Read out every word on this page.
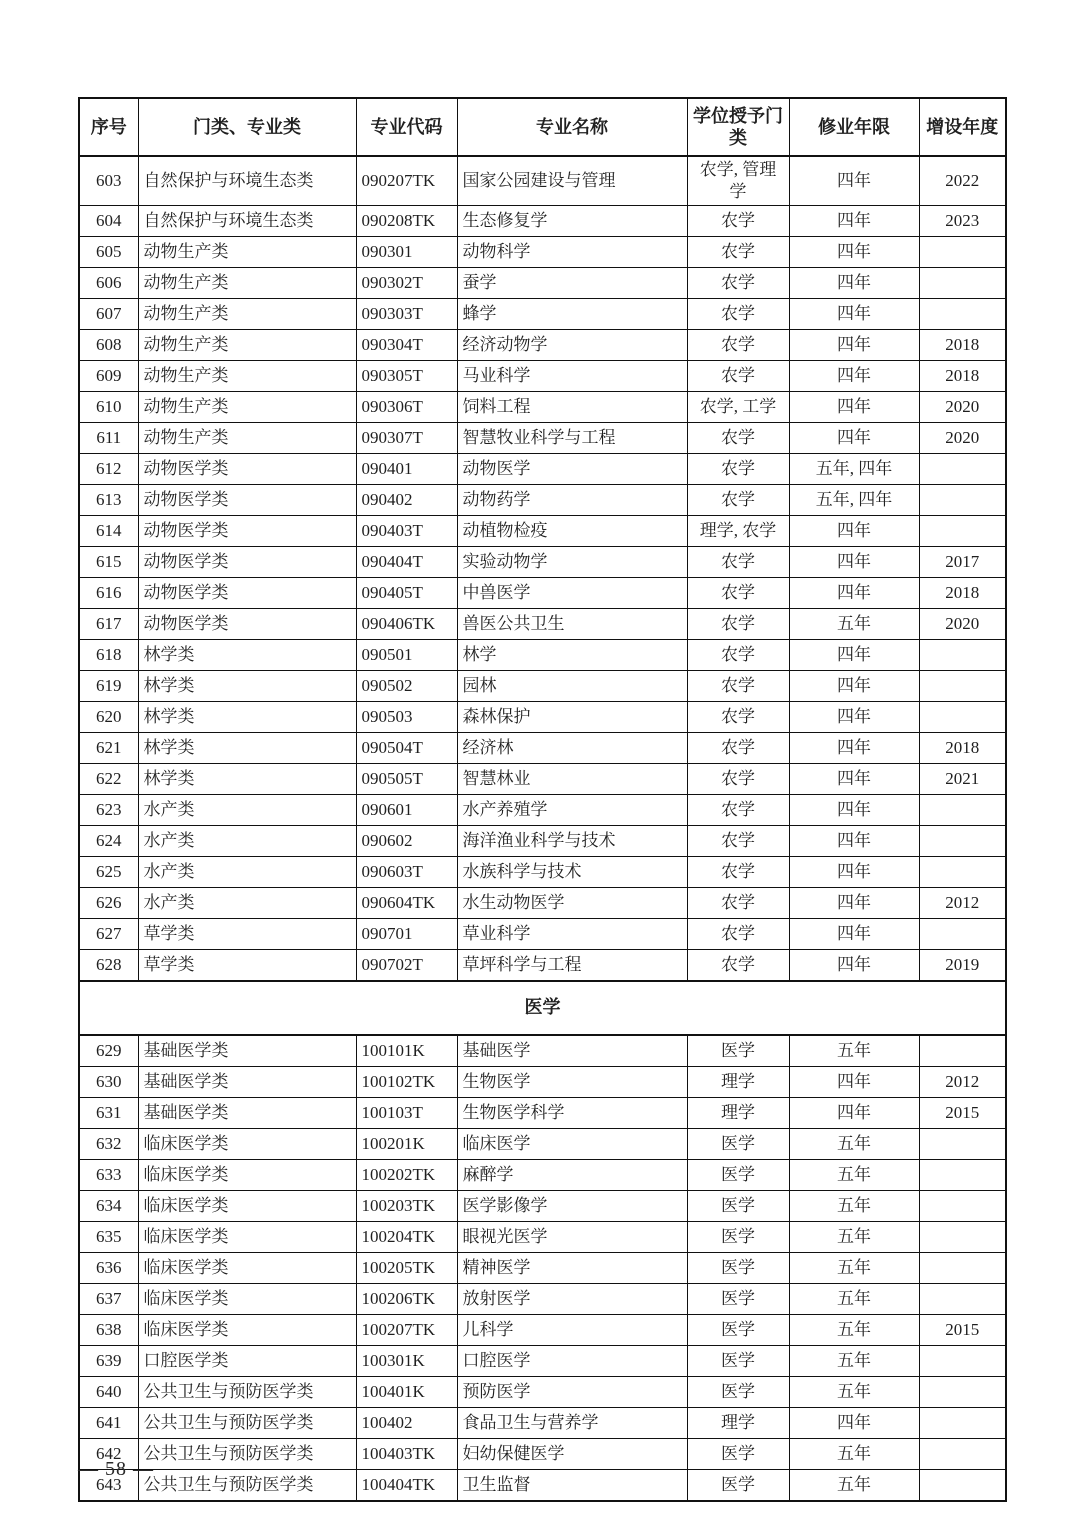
序号	门类、专业类	专业代码	专业名称	学位授予门类	修业年限	增设年度
603	自然保护与环境生态类	090207TK	国家公园建设与管理	农学, 管理学	四年	2022
604	自然保护与环境生态类	090208TK	生态修复学	农学	四年	2023
605	动物生产类	090301	动物科学	农学	四年	
606	动物生产类	090302T	蚕学	农学	四年	
607	动物生产类	090303T	蜂学	农学	四年	
608	动物生产类	090304T	经济动物学	农学	四年	2018
609	动物生产类	090305T	马业科学	农学	四年	2018
610	动物生产类	090306T	饲料工程	农学, 工学	四年	2020
611	动物生产类	090307T	智慧牧业科学与工程	农学	四年	2020
612	动物医学类	090401	动物医学	农学	五年, 四年	
613	动物医学类	090402	动物药学	农学	五年, 四年	
614	动物医学类	090403T	动植物检疫	理学, 农学	四年	
615	动物医学类	090404T	实验动物学	农学	四年	2017
616	动物医学类	090405T	中兽医学	农学	四年	2018
617	动物医学类	090406TK	兽医公共卫生	农学	五年	2020
618	林学类	090501	林学	农学	四年	
619	林学类	090502	园林	农学	四年	
620	林学类	090503	森林保护	农学	四年	
621	林学类	090504T	经济林	农学	四年	2018
622	林学类	090505T	智慧林业	农学	四年	2021
623	水产类	090601	水产养殖学	农学	四年	
624	水产类	090602	海洋渔业科学与技术	农学	四年	
625	水产类	090603T	水族科学与技术	农学	四年	
626	水产类	090604TK	水生动物医学	农学	四年	2012
627	草学类	090701	草业科学	农学	四年	
628	草学类	090702T	草坪科学与工程	农学	四年	2019
医学						
629	基础医学类	100101K	基础医学	医学	五年	
630	基础医学类	100102TK	生物医学	理学	四年	2012
631	基础医学类	100103T	生物医学科学	理学	四年	2015
632	临床医学类	100201K	临床医学	医学	五年	
633	临床医学类	100202TK	麻醉学	医学	五年	
634	临床医学类	100203TK	医学影像学	医学	五年	
635	临床医学类	100204TK	眼视光医学	医学	五年	
636	临床医学类	100205TK	精神医学	医学	五年	
637	临床医学类	100206TK	放射医学	医学	五年	
638	临床医学类	100207TK	儿科学	医学	五年	2015
639	口腔医学类	100301K	口腔医学	医学	五年	
640	公共卫生与预防医学类	100401K	预防医学	医学	五年	
641	公共卫生与预防医学类	100402	食品卫生与营养学	理学	四年	
642	公共卫生与预防医学类	100403TK	妇幼保健医学	医学	五年	
643	公共卫生与预防医学类	100404TK	卫生监督	医学	五年	
— 58 —
